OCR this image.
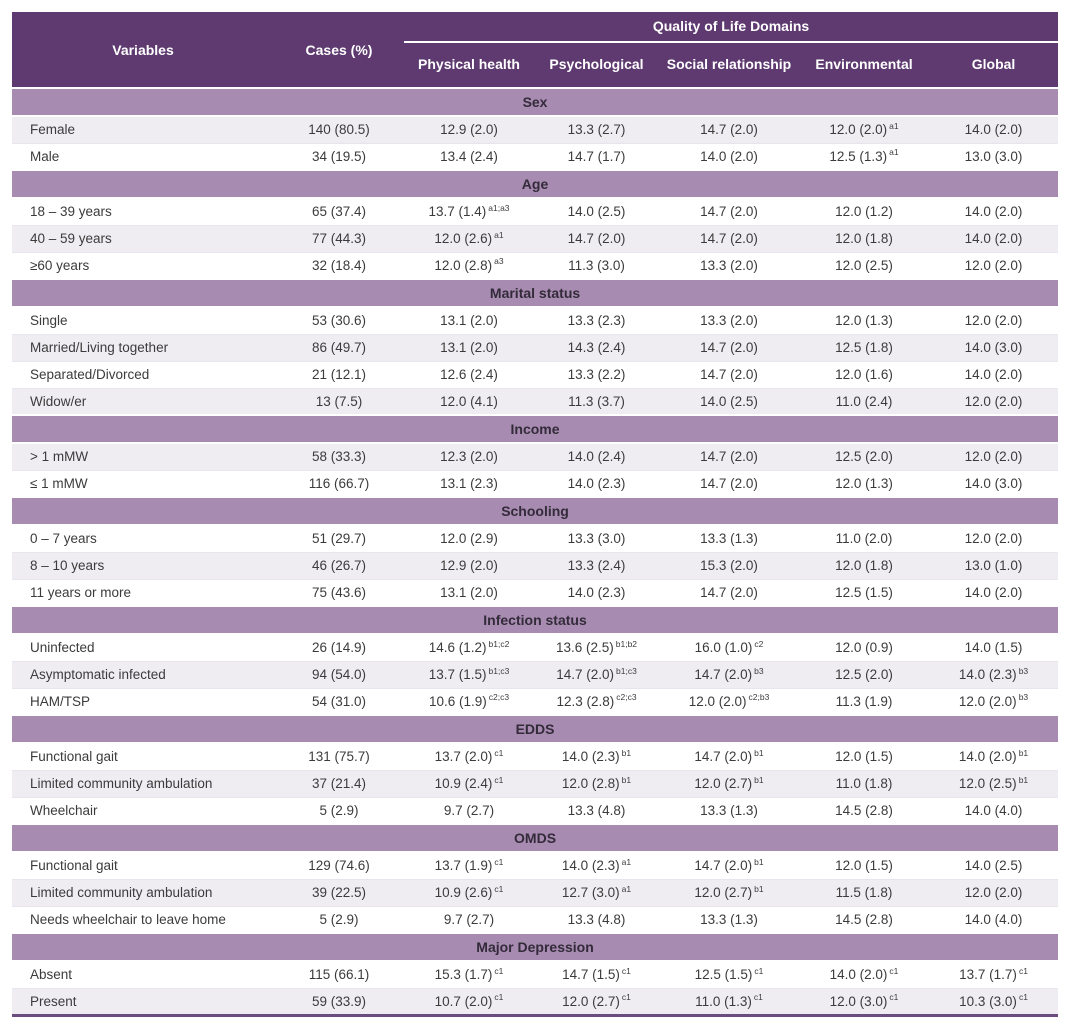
Variables	Cases (%)	Quality of Life Domains				
		Physical health	Psychological	Social relationship	Environmental	Global
Sex						
Female	140 (80.5)	12.9 (2.0)	13.3 (2.7)	14.7 (2.0)	12.0 (2.0) $^{a1}$	14.0 (2.0)
Male	34 (19.5)	13.4 (2.4)	14.7 (1.7)	14.0 (2.0)	12.5 (1.3) $^{a1}$	13.0 (3.0)
Age						
18 – 39 years	65 (37.4)	13.7 (1.4) $^{a1;a3}$	14.0 (2.5)	14.7 (2.0)	12.0 (1.2)	14.0 (2.0)
40 – 59 years	77 (44.3)	12.0 (2.6) $^{a1}$	14.7 (2.0)	14.7 (2.0)	12.0 (1.8)	14.0 (2.0)
≥60 years	32 (18.4)	12.0 (2.8) $^{a3}$	11.3 (3.0)	13.3 (2.0)	12.0 (2.5)	12.0 (2.0)
Marital status						
Single	53 (30.6)	13.1 (2.0)	13.3 (2.3)	13.3 (2.0)	12.0 (1.3)	12.0 (2.0)
Married/Living together	86 (49.7)	13.1 (2.0)	14.3 (2.4)	14.7 (2.0)	12.5 (1.8)	14.0 (3.0)
Separated/Divorced	21 (12.1)	12.6 (2.4)	13.3 (2.2)	14.7 (2.0)	12.0 (1.6)	14.0 (2.0)
Widow/er	13 (7.5)	12.0 (4.1)	11.3 (3.7)	14.0 (2.5)	11.0 (2.4)	12.0 (2.0)
Income						
> 1 mMW	58 (33.3)	12.3 (2.0)	14.0 (2.4)	14.7 (2.0)	12.5 (2.0)	12.0 (2.0)
≤ 1 mMW	116 (66.7)	13.1 (2.3)	14.0 (2.3)	14.7 (2.0)	12.0 (1.3)	14.0 (3.0)
Schooling						
0 – 7 years	51 (29.7)	12.0 (2.9)	13.3 (3.0)	13.3 (1.3)	11.0 (2.0)	12.0 (2.0)
8 – 10 years	46 (26.7)	12.9 (2.0)	13.3 (2.4)	15.3 (2.0)	12.0 (1.8)	13.0 (1.0)
11 years or more	75 (43.6)	13.1 (2.0)	14.0 (2.3)	14.7 (2.0)	12.5 (1.5)	14.0 (2.0)
Infection status						
Uninfected	26 (14.9)	14.6 (1.2) $^{b1;c2}$	13.6 (2.5) $^{b1;b2}$	16.0 (1.0) $^{c2}$	12.0 (0.9)	14.0 (1.5)
Asymptomatic infected	94 (54.0)	13.7 (1.5) $^{b1;c3}$	14.7 (2.0) $^{b1;c3}$	14.7 (2.0) $^{b3}$	12.5 (2.0)	14.0 (2.3) $^{b3}$
HAM/TSP	54 (31.0)	10.6 (1.9) $^{c2;c3}$	12.3 (2.8) $^{c2;c3}$	12.0 (2.0) $^{c2;b3}$	11.3 (1.9)	12.0 (2.0) $^{b3}$
EDDS						
Functional gait	131 (75.7)	13.7 (2.0) $^{c1}$	14.0 (2.3) $^{b1}$	14.7 (2.0) $^{b1}$	12.0 (1.5)	14.0 (2.0) $^{b1}$
Limited community ambulation	37 (21.4)	10.9 (2.4) $^{c1}$	12.0 (2.8) $^{b1}$	12.0 (2.7) $^{b1}$	11.0 (1.8)	12.0 (2.5) $^{b1}$
Wheelchair	5 (2.9)	9.7 (2.7)	13.3 (4.8)	13.3 (1.3)	14.5 (2.8)	14.0 (4.0)
OMDS						
Functional gait	129 (74.6)	13.7 (1.9) $^{c1}$	14.0 (2.3) $^{a1}$	14.7 (2.0) $^{b1}$	12.0 (1.5)	14.0 (2.5)
Limited community ambulation	39 (22.5)	10.9 (2.6) $^{c1}$	12.7 (3.0) $^{a1}$	12.0 (2.7) $^{b1}$	11.5 (1.8)	12.0 (2.0)
Needs wheelchair to leave home	5 (2.9)	9.7 (2.7)	13.3 (4.8)	13.3 (1.3)	14.5 (2.8)	14.0 (4.0)
Major Depression						
Absent	115 (66.1)	15.3 (1.7) $^{c1}$	14.7 (1.5) $^{c1}$	12.5 (1.5) $^{c1}$	14.0 (2.0) $^{c1}$	13.7 (1.7) $^{c1}$
Present	59 (33.9)	10.7 (2.0) $^{c1}$	12.0 (2.7) $^{c1}$	11.0 (1.3) $^{c1}$	12.0 (3.0) $^{c1}$	10.3 (3.0) $^{c1}$
